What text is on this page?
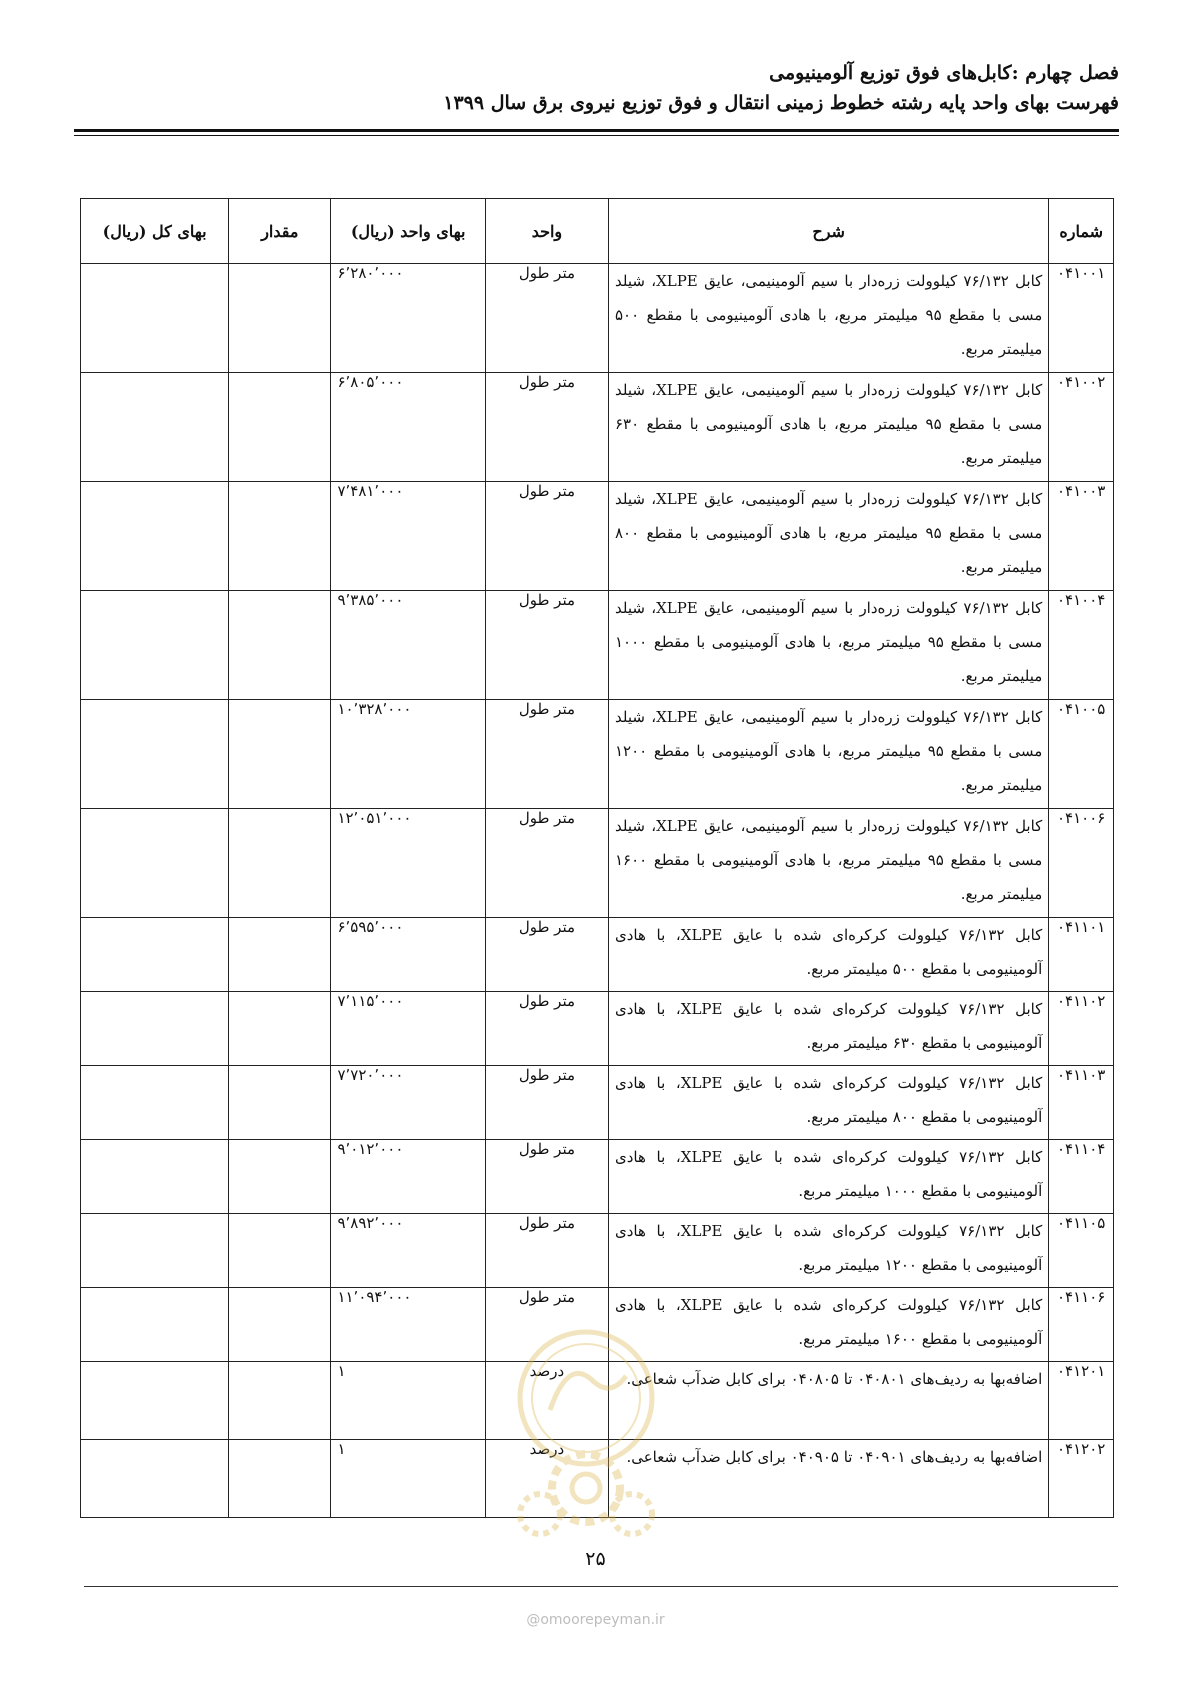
فصل چهارم :کابل‌های فوق توزیع آلومینیومی
فهرست بهای واحد پایه رشته خطوط زمینی انتقال و فوق توزیع نیروی برق سال ۱۳۹۹
شماره	شرح	واحد	بهای واحد (ریال)	مقدار	بهای کل (ریال)
۰۴۱۰۰۱	کابل ۷۶/۱۳۲ کیلوولت زره‌دار با سیم آلومینیمی، عایق XLPE، شیلد مسی با مقطع ۹۵ میلیمتر مربع، با هادی آلومینیومی با مقطع ۵۰۰ میلیمتر مربع.	متر طول	۶٬۲۸۰٬۰۰۰		
۰۴۱۰۰۲	کابل ۷۶/۱۳۲ کیلوولت زره‌دار با سیم آلومینیمی، عایق XLPE، شیلد مسی با مقطع ۹۵ میلیمتر مربع، با هادی آلومینیومی با مقطع ۶۳۰ میلیمتر مربع.	متر طول	۶٬۸۰۵٬۰۰۰		
۰۴۱۰۰۳	کابل ۷۶/۱۳۲ کیلوولت زره‌دار با سیم آلومینیمی، عایق XLPE، شیلد مسی با مقطع ۹۵ میلیمتر مربع، با هادی آلومینیومی با مقطع ۸۰۰ میلیمتر مربع.	متر طول	۷٬۴۸۱٬۰۰۰		
۰۴۱۰۰۴	کابل ۷۶/۱۳۲ کیلوولت زره‌دار با سیم آلومینیمی، عایق XLPE، شیلد مسی با مقطع ۹۵ میلیمتر مربع، با هادی آلومینیومی با مقطع ۱۰۰۰ میلیمتر مربع.	متر طول	۹٬۳۸۵٬۰۰۰		
۰۴۱۰۰۵	کابل ۷۶/۱۳۲ کیلوولت زره‌دار با سیم آلومینیمی، عایق XLPE، شیلد مسی با مقطع ۹۵ میلیمتر مربع، با هادی آلومینیومی با مقطع ۱۲۰۰ میلیمتر مربع.	متر طول	۱۰٬۳۲۸٬۰۰۰		
۰۴۱۰۰۶	کابل ۷۶/۱۳۲ کیلوولت زره‌دار با سیم آلومینیمی، عایق XLPE، شیلد مسی با مقطع ۹۵ میلیمتر مربع، با هادی آلومینیومی با مقطع ۱۶۰۰ میلیمتر مربع.	متر طول	۱۲٬۰۵۱٬۰۰۰		
۰۴۱۱۰۱	کابل ۷۶/۱۳۲ کیلوولت کرکره‌ای شده با عایق XLPE، با هادی آلومینیومی با مقطع ۵۰۰ میلیمتر مربع.	متر طول	۶٬۵۹۵٬۰۰۰		
۰۴۱۱۰۲	کابل ۷۶/۱۳۲ کیلوولت کرکره‌ای شده با عایق XLPE، با هادی آلومینیومی با مقطع ۶۳۰ میلیمتر مربع.	متر طول	۷٬۱۱۵٬۰۰۰		
۰۴۱۱۰۳	کابل ۷۶/۱۳۲ کیلوولت کرکره‌ای شده با عایق XLPE، با هادی آلومینیومی با مقطع ۸۰۰ میلیمتر مربع.	متر طول	۷٬۷۲۰٬۰۰۰		
۰۴۱۱۰۴	کابل ۷۶/۱۳۲ کیلوولت کرکره‌ای شده با عایق XLPE، با هادی آلومینیومی با مقطع ۱۰۰۰ میلیمتر مربع.	متر طول	۹٬۰۱۲٬۰۰۰		
۰۴۱۱۰۵	کابل ۷۶/۱۳۲ کیلوولت کرکره‌ای شده با عایق XLPE، با هادی آلومینیومی با مقطع ۱۲۰۰ میلیمتر مربع.	متر طول	۹٬۸۹۲٬۰۰۰		
۰۴۱۱۰۶	کابل ۷۶/۱۳۲ کیلوولت کرکره‌ای شده با عایق XLPE، با هادی آلومینیومی با مقطع ۱۶۰۰ میلیمتر مربع.	متر طول	۱۱٬۰۹۴٬۰۰۰		
۰۴۱۲۰۱	اضافه‌بها به ردیف‌های ۰۴۰۸۰۱ تا ۰۴۰۸۰۵ برای کابل ضدآب شعاعی.	درصد	۱		
۰۴۱۲۰۲	اضافه‌بها به ردیف‌های ۰۴۰۹۰۱ تا ۰۴۰۹۰۵ برای کابل ضدآب شعاعی.	درصد	۱		
۲۵
@omoorepeyman.ir
